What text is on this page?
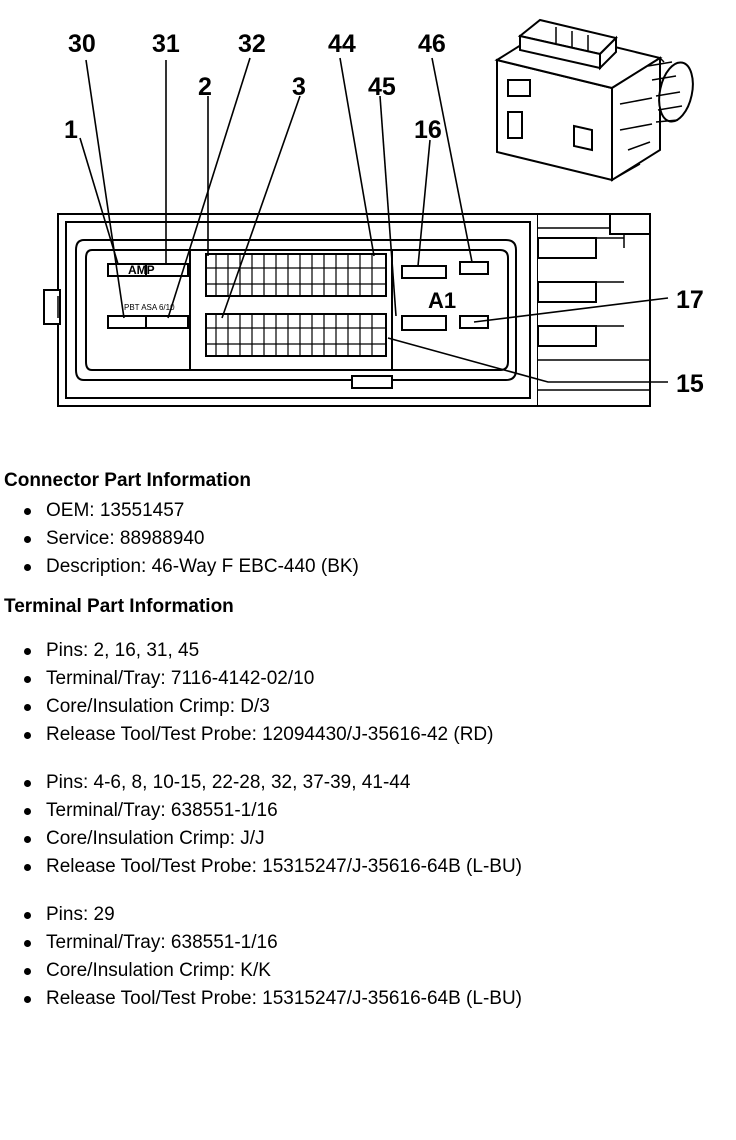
AMP
PBT ASA 6/10	A1
30 31 32 44 46
2	3 45
1	16
17
15
Connector Part Information
OEM: 13551457
Service: 88988940
Description: 46-Way F EBC-440 (BK)
Terminal Part Information
Pins: 2, 16, 31, 45
Terminal/Tray: 7116-4142-02/10
Core/Insulation Crimp: D/3
Release Tool/Test Probe: 12094430/J-35616-42 (RD)
Pins: 4-6, 8, 10-15, 22-28, 32, 37-39, 41-44
Terminal/Tray: 638551-1/16
Core/Insulation Crimp: J/J
Release Tool/Test Probe: 15315247/J-35616-64B (L-BU)
Pins: 29
Terminal/Tray: 638551-1/16
Core/Insulation Crimp: K/K
Release Tool/Test Probe: 15315247/J-35616-64B (L-BU)
